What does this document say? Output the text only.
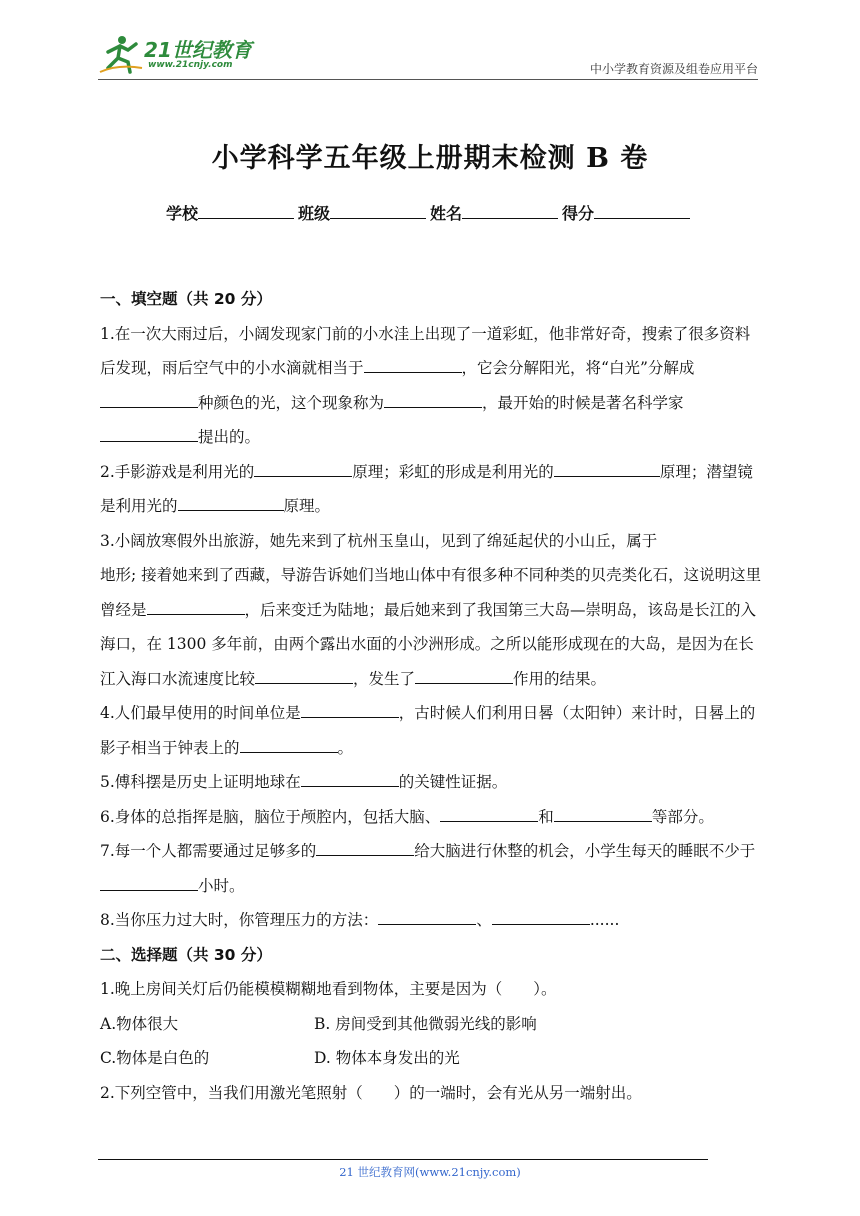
21世纪教育
www.21cnjy.com	中小学教育资源及组卷应用平台
小学科学五年级上册期末检测 B 卷
学校	班级	姓名	得分

一、填空题（共 20 分）

1.在一次大雨过后，小阔发现家门前的小水洼上出现了一道彩虹，他非常好奇，搜索了很多资料后发现，雨后空气中的小水滴就相当于	，它会分解阳光，将“白光”分解成种颜色的光，这个现象称为	，最开始的时候是著名科学家提出的。

2.手影游戏是利用光的	原理；彩虹的形成是利用光的	原理；潜望镜是利用光的	原理。

3.小阔放寒假外出旅游，她先来到了杭州玉皇山，见到了绵延起伏的小山丘，属于
地形; 接着她来到了西藏，导游告诉她们当地山体中有很多种不同种类的贝壳类化石，这说明这里曾经是	，后来变迁为陆地；最后她来到了我国第三大岛—崇明岛，该岛是长江的入海口，在 1300 多年前，由两个露出水面的小沙洲形成。之所以能形成现在的大岛，是因为在长江入海口水流速度比较	，发生了	作用的结果。

4.人们最早使用的时间单位是	，古时候人们利用日晷（太阳钟）来计时，日晷上的影子相当于钟表上的	。

5.傅科摆是历史上证明地球在	的关键性证据。

6.身体的总指挥是脑，脑位于颅腔内，包括大脑、	和	等部分。

7.每一个人都需要通过足够多的	给大脑进行休整的机会，小学生每天的睡眠不少于小时。

8.当你压力过大时，你管理压力的方法：	、	......

二、选择题（共 30 分）

1.晚上房间关灯后仍能模模糊糊地看到物体，主要是因为（　　）。

A.物体很大	B. 房间受到其他微弱光线的影响
C.物体是白色的	D. 物体本身发出的光

2.下列空管中，当我们用激光笔照射（　　）的一端时，会有光从另一端射出。

21 世纪教育网(www.21cnjy.com)
